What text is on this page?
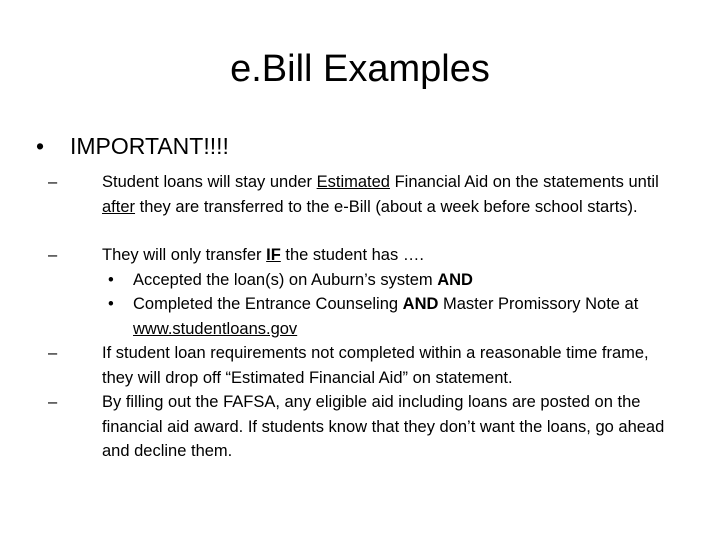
e.Bill Examples
• IMPORTANT!!!!
–	Student loans will stay under Estimated Financial Aid on the statements until after they are transferred to the e-Bill (about a week before school starts).
–	They will only transfer IF the student has ….
•	Accepted the loan(s) on Auburn’s system AND
•	Completed the Entrance Counseling AND Master Promissory Note at www.studentloans.gov
–	If student loan requirements not completed within a reasonable time frame, they will drop off “Estimated Financial Aid” on statement.
–	By filling out the FAFSA, any eligible aid including loans are posted on the financial aid award. If students know that they don’t want the loans, go ahead and decline them.
